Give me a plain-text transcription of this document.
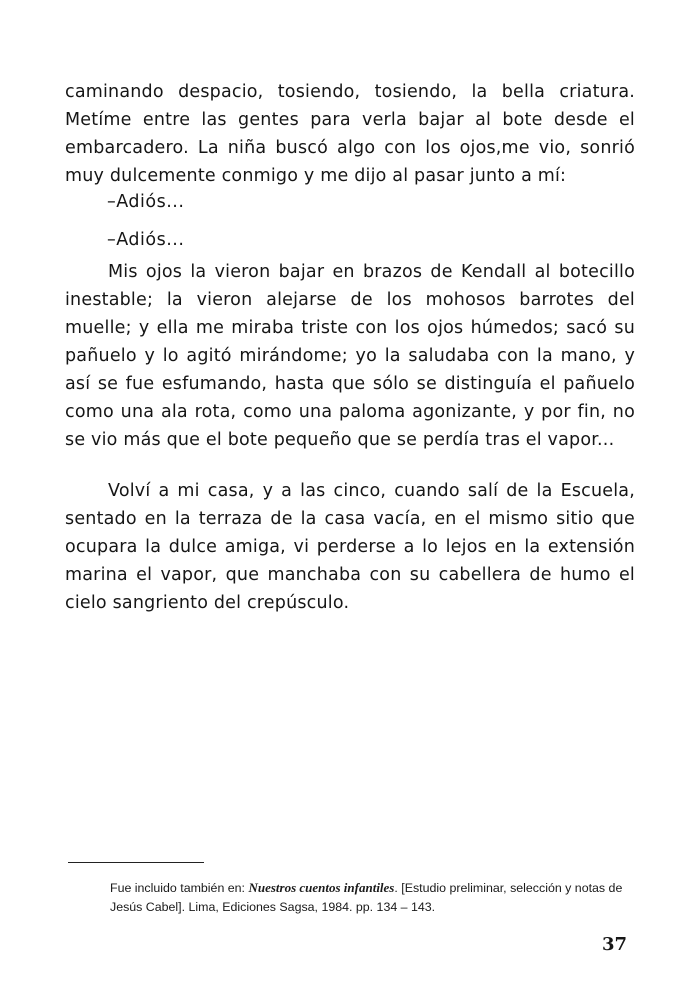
caminando despacio, tosiendo, tosiendo, la bella criatura. Metíme entre las gentes para verla bajar al bote desde el embarcadero. La niña buscó algo con los ojos,me vio, sonrió muy dulcemente conmigo y me dijo al pasar junto a mí:

–Adiós...

–Adiós...

Mis ojos la vieron bajar en brazos de Kendall al botecillo inestable; la vieron alejarse de los mohosos barrotes del muelle; y ella me miraba triste con los ojos húmedos; sacó su pañuelo y lo agitó mirándome; yo la saludaba con la mano, y así se fue esfumando, hasta que sólo se distinguía el pañuelo como una ala rota, como una paloma agonizante, y por fin, no se vio más que el bote pequeño que se perdía tras el vapor...

Volví a mi casa, y a las cinco, cuando salí de la Escuela, sentado en la terraza de la casa vacía, en el mismo sitio que ocupara la dulce amiga, vi perderse a lo lejos en la extensión marina el vapor, que manchaba con su cabellera de humo el cielo sangriento del crepúsculo.

Fue incluido también en: Nuestros cuentos infantiles. [Estudio preliminar, selección y notas de Jesús Cabel]. Lima, Ediciones Sagsa, 1984. pp. 134 – 143.

37
